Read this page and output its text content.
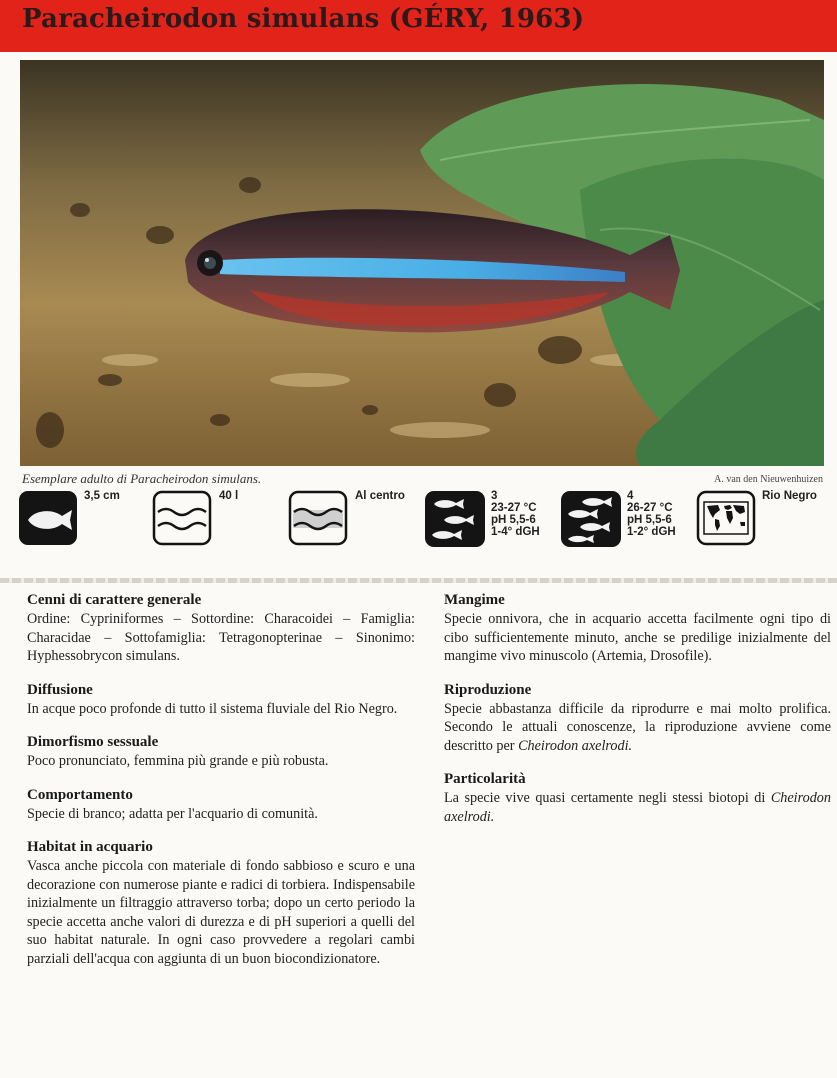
Paracheirodon simulans (GÉRY, 1963)
Esemplare adulto di Paracheirodon simulans.	A. van den Nieuwenhuizen
3,5 cm	40 l	Al centro	3
23-27 °C
pH 5,5-6
1-4° dGH
4
26-27 °C
pH 5,5-6
1-2° dGH
Rio Negro
Cenni di carattere generale

Ordine: Cypriniformes – Sottordine: Characoidei – Famiglia: Characidae – Sottofamiglia: Tetragonopterinae – Sinonimo: Hyphessobrycon simulans.

Diffusione

In acque poco profonde di tutto il sistema fluviale del Rio Negro.

Dimorfismo sessuale

Poco pronunciato, femmina più grande e più robusta.

Comportamento

Specie di branco; adatta per l'acquario di comunità.

Habitat in acquario

Vasca anche piccola con materiale di fondo sabbioso e scuro e una decorazione con numerose piante e radici di torbiera. Indispensabile inizialmente un filtraggio attraverso torba; dopo un certo periodo la specie accetta anche valori di durezza e di pH superiori a quelli del suo habitat naturale. In ogni caso provvedere a regolari cambi parziali dell'acqua con aggiunta di un buon biocondizionatore.

Mangime

Specie onnivora, che in acquario accetta facilmente ogni tipo di cibo sufficientemente minuto, anche se predilige inizialmente del mangime vivo minuscolo (Artemia, Drosofile).

Riproduzione

Specie abbastanza difficile da riprodurre e mai molto prolifica. Secondo le attuali conoscenze, la riproduzione avviene come descritto per Cheirodon axelrodi.

Particolarità

La specie vive quasi certamente negli stessi biotopi di Cheirodon axelrodi.
